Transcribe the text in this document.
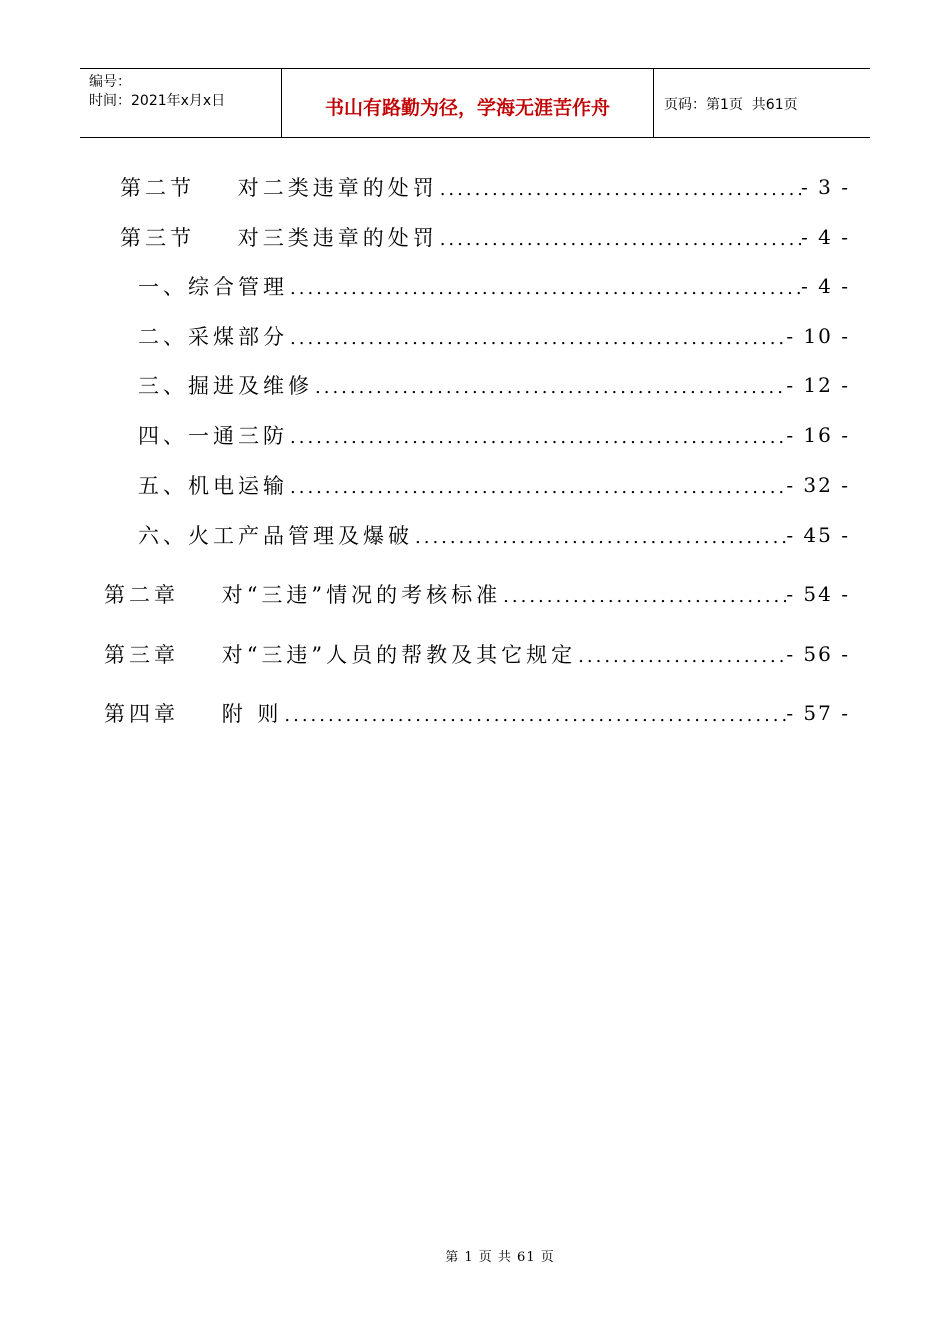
编号：
时间：2021年x月x日	书山有路勤为径，学海无涯苦作舟	页码：第1页  共61页
第二节    对二类违章的处罚 .....	- 3 -
第三节    对三类违章的处罚 .....	- 4 -
一、综合管理 .....	- 4 -
二、采煤部分 .....	- 10 -
三、掘进及维修 .....	- 12 -
四、一通三防 .....	- 16 -
五、机电运输 .....	- 32 -
六、火工产品管理及爆破 .....	- 45 -
第二章    对“三违”情况的考核标准 .....	- 54 -
第三章    对“三违”人员的帮教及其它规定 .....	- 56 -
第四章    附 则 .....	- 57 -
第 1 页 共 61 页
